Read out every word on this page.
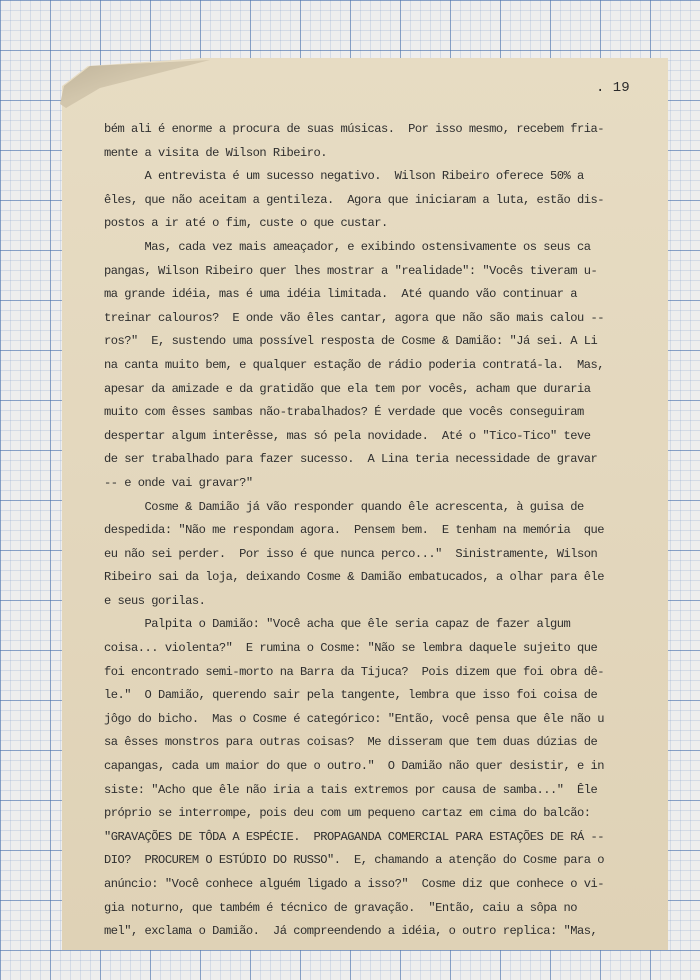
. 19
bém ali é enorme a procura de suas músicas.  Por isso mesmo, recebem fria-
mente a visita de Wilson Ribeiro.
A entrevista é um sucesso negativo.  Wilson Ribeiro oferece 50% a
êles, que não aceitam a gentileza.  Agora que iniciaram a luta, estão dis-
postos a ir até o fim, custe o que custar.
Mas, cada vez mais ameaçador, e exibindo ostensivamente os seus ca
pangas, Wilson Ribeiro quer lhes mostrar a "realidade": "Vocês tiveram u-
ma grande idéia, mas é uma idéia limitada.  Até quando vão continuar a
treinar calouros?  E onde vão êles cantar, agora que não são mais calou --
ros?"  E, sustendo uma possível resposta de Cosme & Damião: "Já sei. A Li
na canta muito bem, e qualquer estação de rádio poderia contratá-la.  Mas,
apesar da amizade e da gratidão que ela tem por vocês, acham que duraria
muito com êsses sambas não-trabalhados? É verdade que vocês conseguiram
despertar algum interêsse, mas só pela novidade.  Até o "Tico-Tico" teve
de ser trabalhado para fazer sucesso.  A Lina teria necessidade de gravar
-- e onde vai gravar?"
Cosme & Damião já vão responder quando êle acrescenta, à guisa de
despedida: "Não me respondam agora.  Pensem bem.  E tenham na memória  que
eu não sei perder.  Por isso é que nunca perco..."  Sinistramente, Wilson
Ribeiro sai da loja, deixando Cosme & Damião embatucados, a olhar para êle
e seus gorilas.
Palpita o Damião: "Você acha que êle seria capaz de fazer algum
coisa... violenta?"  E rumina o Cosme: "Não se lembra daquele sujeito que
foi encontrado semi-morto na Barra da Tijuca?  Pois dizem que foi obra dê-
le."  O Damião, querendo sair pela tangente, lembra que isso foi coisa de
jôgo do bicho.  Mas o Cosme é categórico: "Então, você pensa que êle não u
sa êsses monstros para outras coisas?  Me disseram que tem duas dúzias de
capangas, cada um maior do que o outro."  O Damião não quer desistir, e in
siste: "Acho que êle não iria a tais extremos por causa de samba..."  Êle
próprio se interrompe, pois deu com um pequeno cartaz em cima do balcão:
"GRAVAÇÕES DE TÔDA A ESPÉCIE.  PROPAGANDA COMERCIAL PARA ESTAÇÕES DE RÁ --
DIO?  PROCUREM O ESTÚDIO DO RUSSO".  E, chamando a atenção do Cosme para o
anúncio: "Você conhece alguém ligado a isso?"  Cosme diz que conhece o vi-
gia noturno, que também é técnico de gravação.  "Então, caiu a sôpa no
mel", exclama o Damião.  Já compreendendo a idéia, o outro replica: "Mas,
